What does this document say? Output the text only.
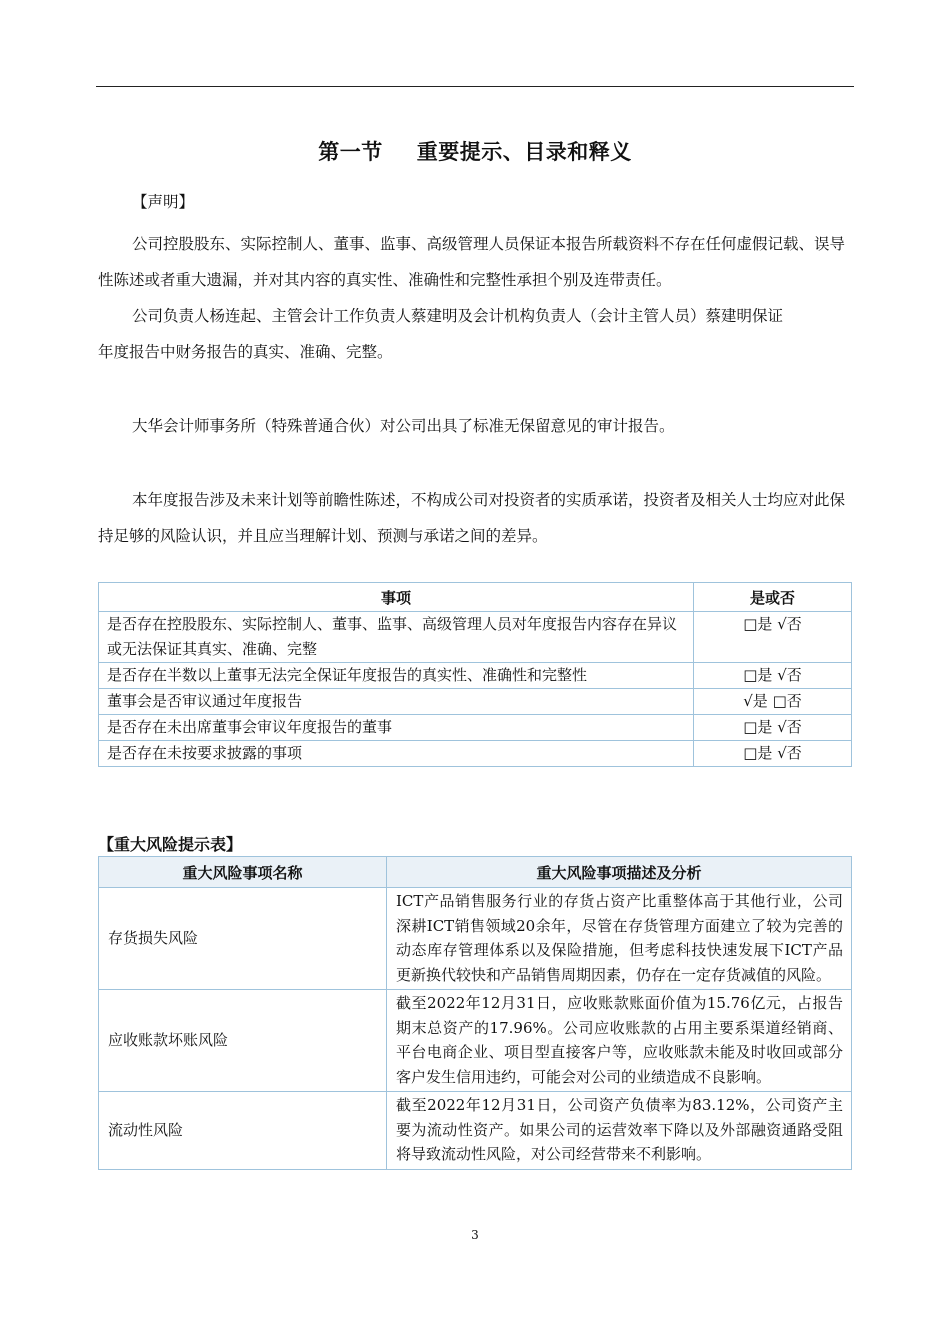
第一节 重要提示、目录和释义
【声明】
公司控股股东、实际控制人、董事、监事、高级管理人员保证本报告所载资料不存在任何虚假记载、误导性陈述或者重大遗漏，并对其内容的真实性、准确性和完整性承担个别及连带责任。
公司负责人杨连起、主管会计工作负责人蔡建明及会计机构负责人（会计主管人员）蔡建明保证
年度报告中财务报告的真实、准确、完整。
大华会计师事务所（特殊普通合伙）对公司出具了标准无保留意见的审计报告。
本年度报告涉及未来计划等前瞻性陈述，不构成公司对投资者的实质承诺，投资者及相关人士均应对此保持足够的风险认识，并且应当理解计划、预测与承诺之间的差异。
事项	是或否
是否存在控股股东、实际控制人、董事、监事、高级管理人员对年度报告内容存在异议或无法保证其真实、准确、完整	□是 √否
是否存在半数以上董事无法完全保证年度报告的真实性、准确性和完整性	□是 √否
董事会是否审议通过年度报告	√是 □否
是否存在未出席董事会审议年度报告的董事	□是 √否
是否存在未按要求披露的事项	□是 √否
【重大风险提示表】
重大风险事项名称	重大风险事项描述及分析
存货损失风险	ICT产品销售服务行业的存货占资产比重整体高于其他行业，公司深耕ICT销售领域20余年，尽管在存货管理方面建立了较为完善的动态库存管理体系以及保险措施，但考虑科技快速发展下ICT产品更新换代较快和产品销售周期因素，仍存在一定存货减值的风险。
应收账款坏账风险	截至2022年12月31日，应收账款账面价值为15.76亿元，占报告期末总资产的17.96%。公司应收账款的占用主要系渠道经销商、平台电商企业、项目型直接客户等，应收账款未能及时收回或部分客户发生信用违约，可能会对公司的业绩造成不良影响。
流动性风险	截至2022年12月31日，公司资产负债率为83.12%，公司资产主要为流动性资产。如果公司的运营效率下降以及外部融资通路受阻将导致流动性风险，对公司经营带来不利影响。
3
